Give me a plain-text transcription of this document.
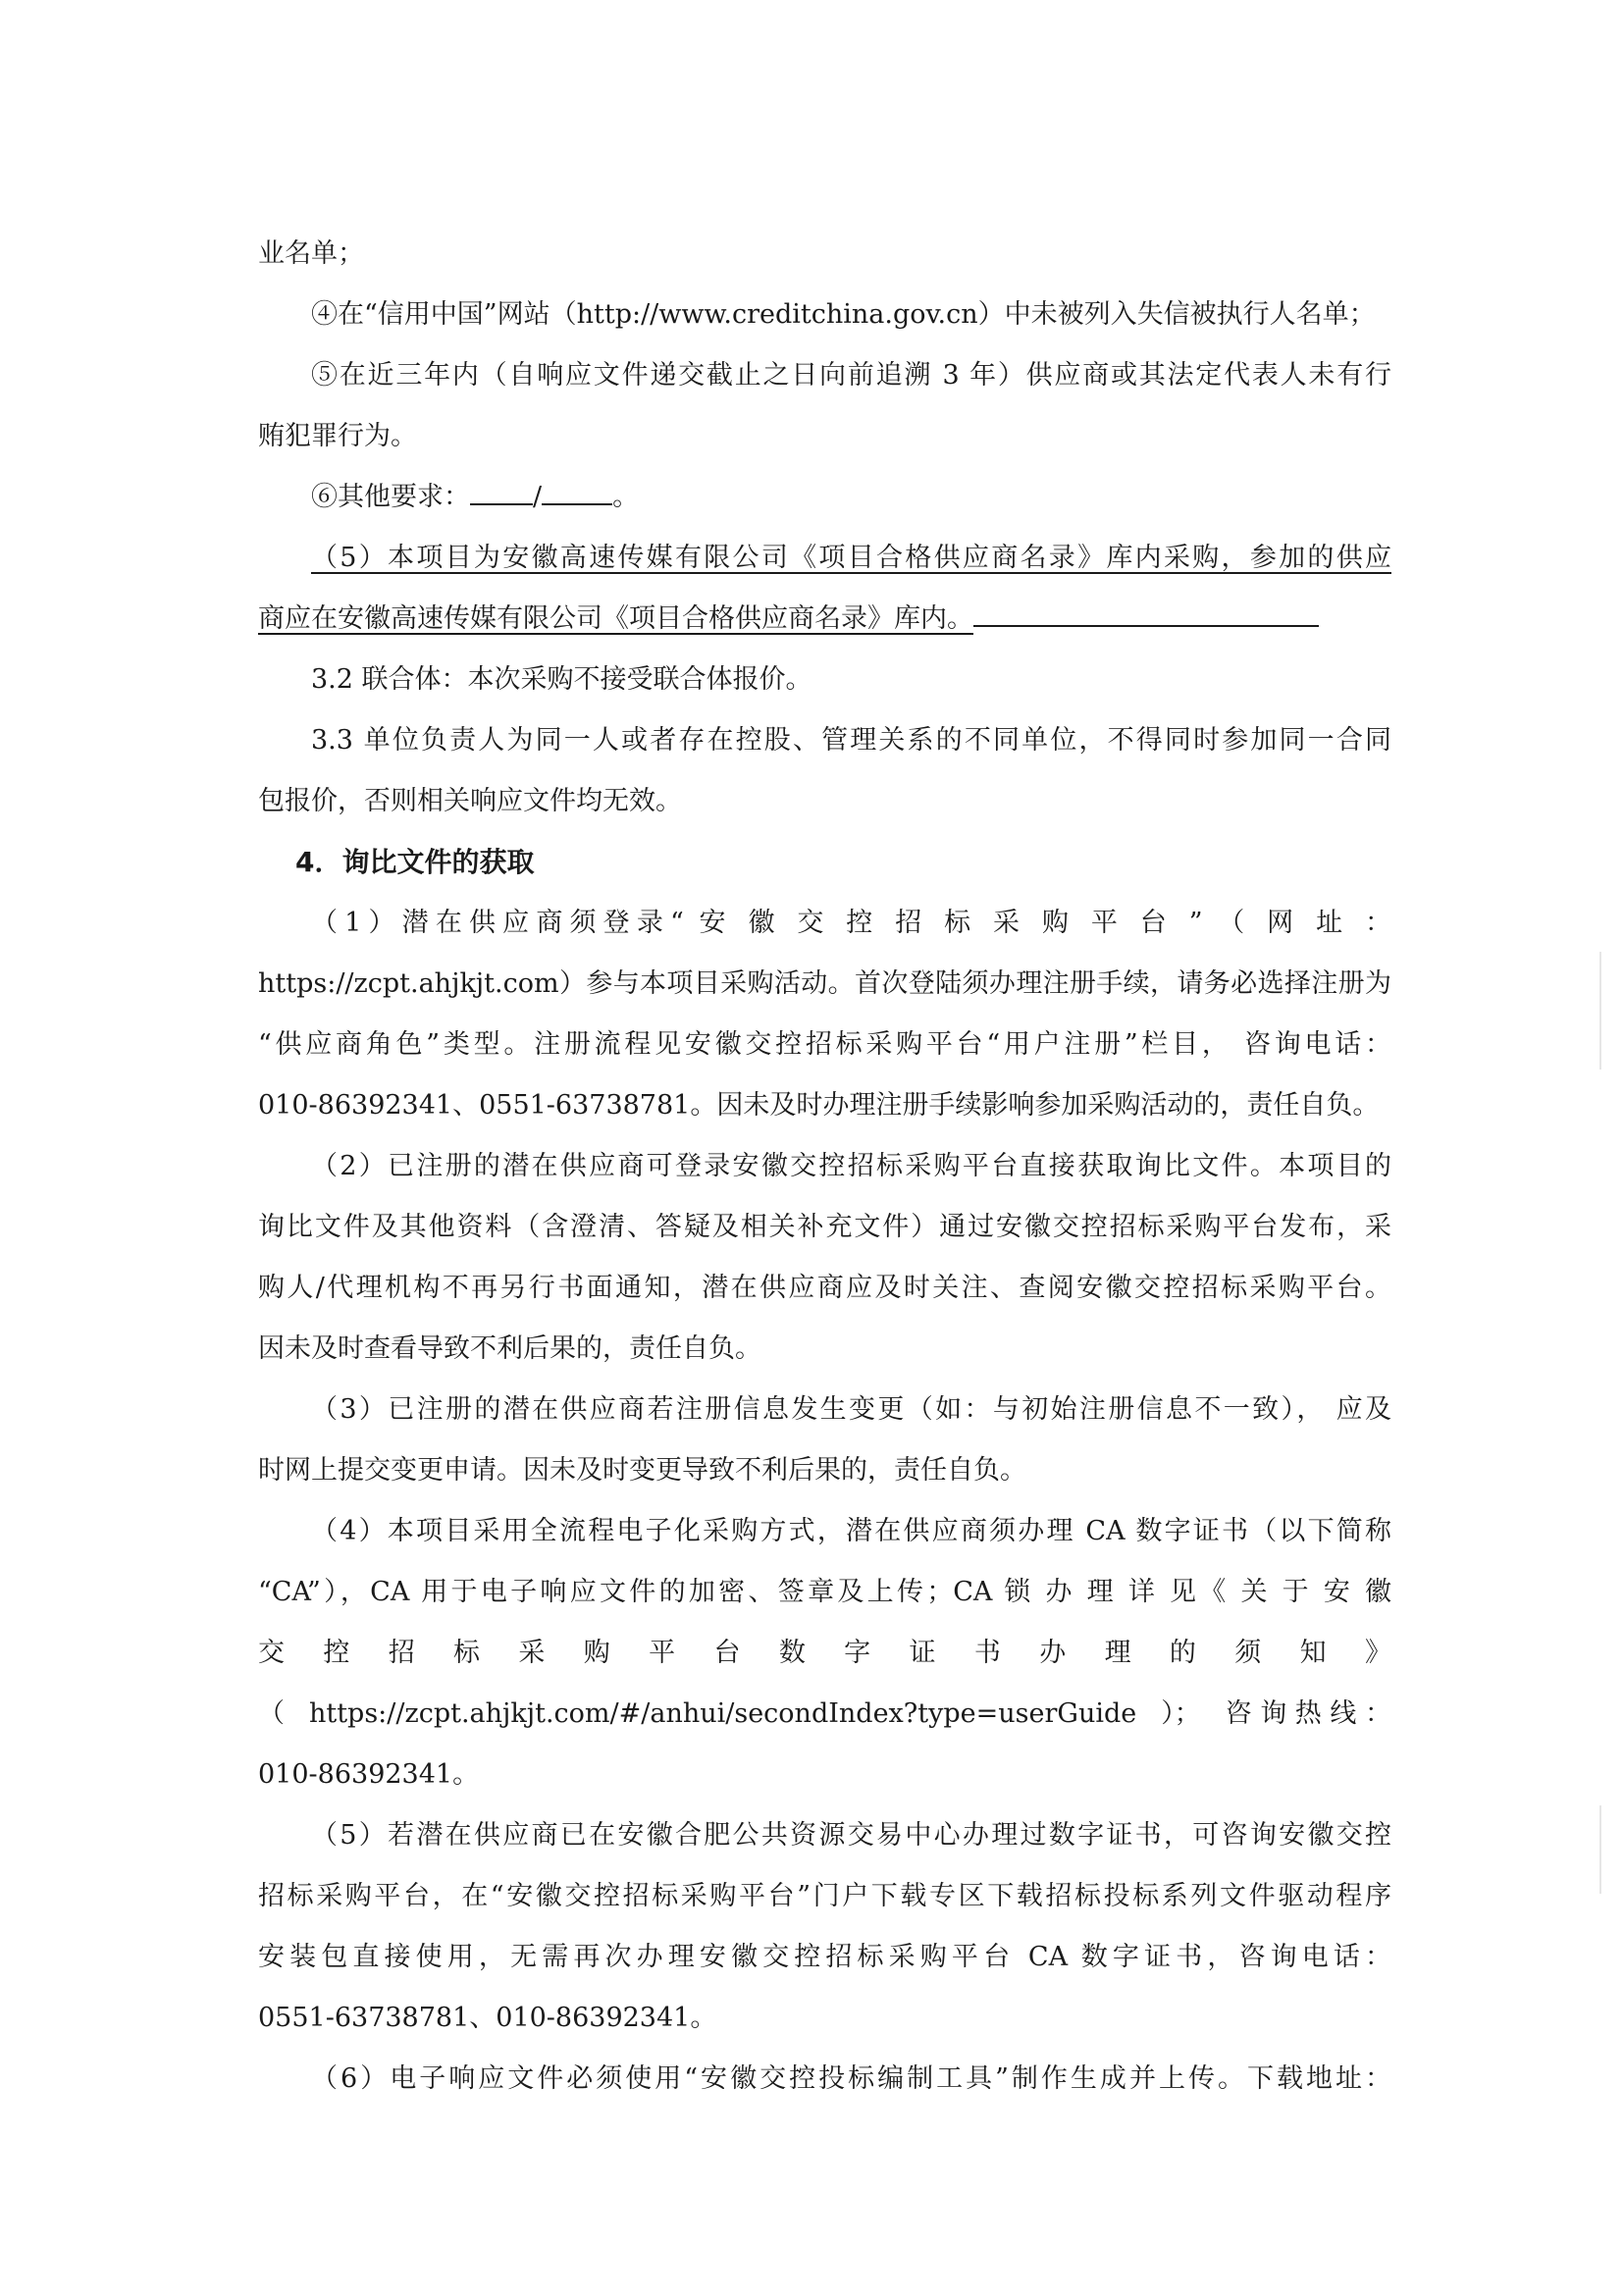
业名单；

④在“信用中国”网站（http://www.creditchina.gov.cn）中未被列入失信被执行人名单；

⑤在近三年内（自响应文件递交截止之日向前追溯 3 年）供应商或其法定代表人未有行

贿犯罪行为。

⑥其他要求： /	。

（5）本项目为安徽高速传媒有限公司《项目合格供应商名录》库内采购，参加的供应

商应在安徽高速传媒有限公司《项目合格供应商名录》库内。

3.2 联合体：本次采购不接受联合体报价。

3.3 单位负责人为同一人或者存在控股、管理关系的不同单位，不得同时参加同一合同

包报价，否则相关响应文件均无效。

4．询比文件的获取

（1）潜在供应商须登录“ 安 徽 交 控 招 标 采 购 平 台 ” （ 网 址 ：

https://zcpt.ahjkjt.com）参与本项目采购活动。首次登陆须办理注册手续，请务必选择注册为

“供应商角色”类型。注册流程见安徽交控招标采购平台“用户注册”栏目， 咨询电话：

010-86392341、0551-63738781。因未及时办理注册手续影响参加采购活动的，责任自负。

（2）已注册的潜在供应商可登录安徽交控招标采购平台直接获取询比文件。本项目的

询比文件及其他资料（含澄清、答疑及相关补充文件）通过安徽交控招标采购平台发布，采

购人/代理机构不再另行书面通知，潜在供应商应及时关注、查阅安徽交控招标采购平台。

因未及时查看导致不利后果的，责任自负。

（3）已注册的潜在供应商若注册信息发生变更（如：与初始注册信息不一致）， 应及

时网上提交变更申请。因未及时变更导致不利后果的，责任自负。

（4）本项目采用全流程电子化采购方式，潜在供应商须办理 CA 数字证书（以下简称

“CA”），CA 用于电子响应文件的加密、签章及上传；CA 锁 办 理 详 见《 关 于 安 徽

交 控 招 标 采 购 平 台 数 字 证 书 办 理 的 须 知 》

（ https://zcpt.ahjkjt.com/#/anhui/secondIndex?type=userGuide ）； 咨 询 热 线 ：

010-86392341。

（5）若潜在供应商已在安徽合肥公共资源交易中心办理过数字证书，可咨询安徽交控

招标采购平台，在“安徽交控招标采购平台”门户下载专区下载招标投标系列文件驱动程序

安装包直接使用，无需再次办理安徽交控招标采购平台 CA 数字证书，咨询电话：

0551-63738781、010-86392341。

（6）电子响应文件必须使用“安徽交控投标编制工具”制作生成并上传。下载地址：
